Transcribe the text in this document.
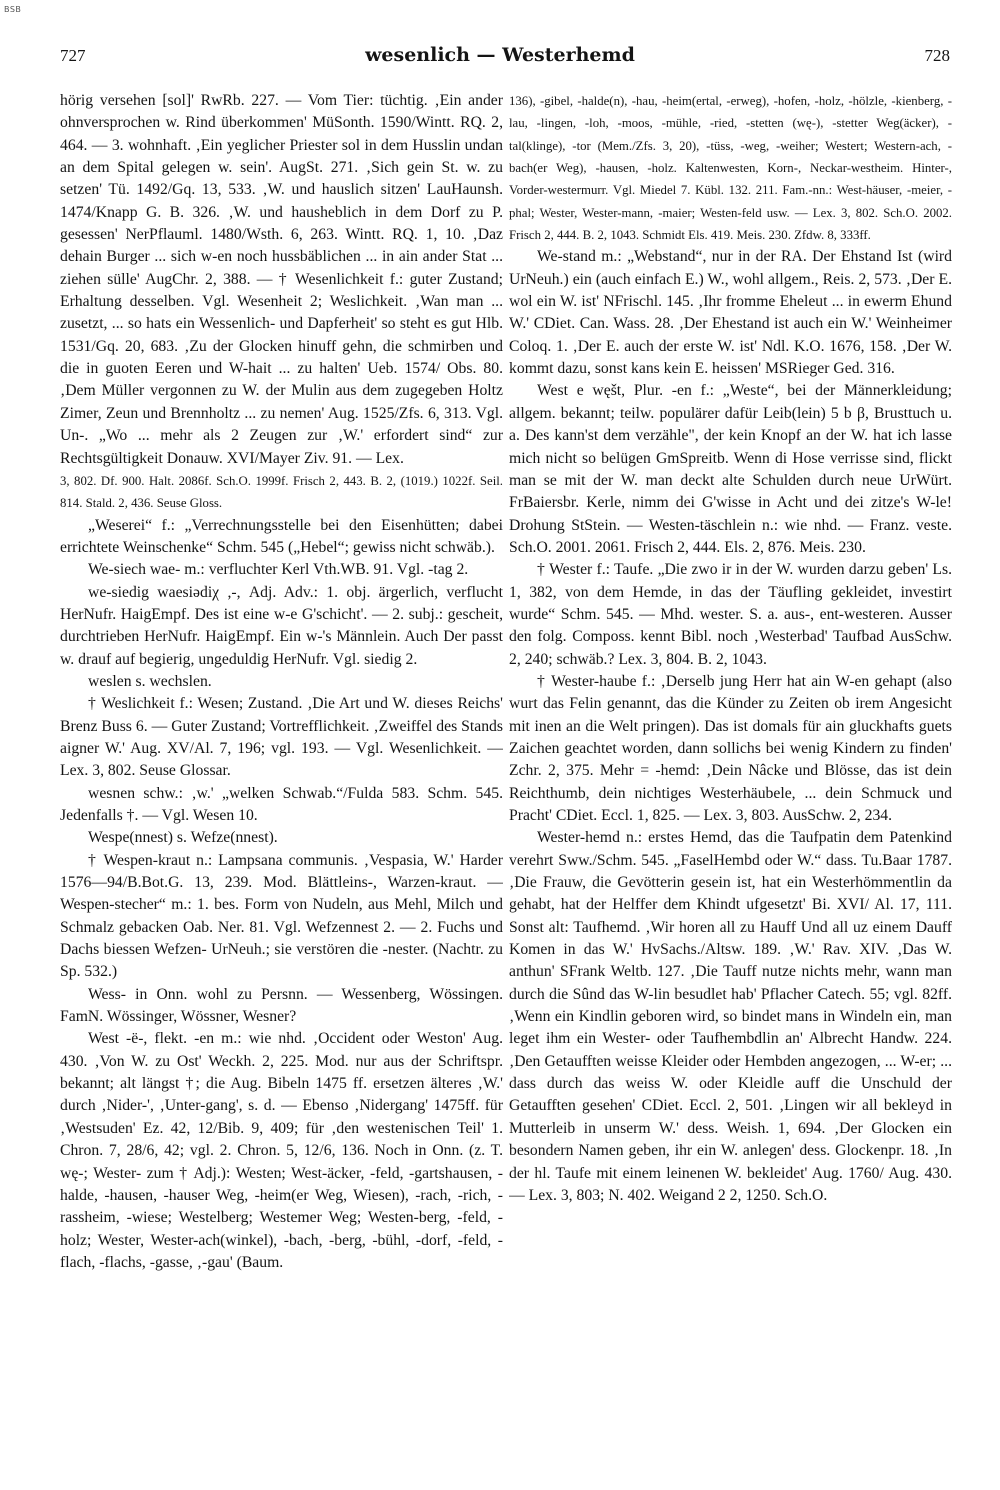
BSB
727	wesenlich — Westerhemd	728

hörig versehen [sol]' RwRb. 227. — Vom Tier: tüchtig. ‚Ein ander ohnversprochen w. Rind überkommen' MüSonth. 1590/Wintt. RQ. 2, 464. — 3. wohnhaft. ‚Ein yeglicher Priester sol in dem Husslin undan an dem Spital gelegen w. sein'. AugSt. 271. ‚Sich gein St. w. zu setzen' Tü. 1492/Gq. 13, 533. ‚W. und hauslich sitzen' LauHaunsh. 1474/Knapp G. B. 326. ‚W. und hausheblich in dem Dorf zu P. gesessen' NerPflauml. 1480/Wsth. 6, 263. Wintt. RQ. 1, 10. ‚Daz dehain Burger ... sich w-en noch hussbäblichen ... in ain ander Stat ... ziehen sülle' AugChr. 2, 388. — † Wesenlichkeit f.: guter Zustand; Erhaltung desselben. Vgl. Wesenheit 2; Weslichkeit. ‚Wan man ... zusetzt, ... so hats ein Wessenlich- und Dapferheit' so steht es gut Hlb. 1531/Gq. 20, 683. ‚Zu der Glocken hinuff gehn, die schmirben und die in guoten Eeren und W-hait ... zu halten' Ueb. 1574/ Obs. 80. ‚Dem Müller vergonnen zu W. der Mulin aus dem zugegeben Holtz Zimer, Zeun und Brennholtz ... zu nemen' Aug. 1525/Zfs. 6, 313. Vgl. Un-. „Wo ... mehr als 2 Zeugen zur ‚W.' erfordert sind“ zur Rechtsgültigkeit Donauw. XVI/Mayer Ziv. 91. — Lex.

3, 802. Df. 900. Halt. 2086f. Sch.O. 1999f. Frisch 2, 443. B. 2, (1019.) 1022f. Seil. 814. Stald. 2, 436. Seuse Gloss.

„Weserei“ f.: „Verrechnungsstelle bei den Eisenhütten; dabei errichtete Weinschenke“ Schm. 545 („Hebel“; gewiss nicht schwäb.).

We-siech wae- m.: verfluchter Kerl Vth.WB. 91. Vgl. -tag 2.

we-siedig waesiədiχ ,-, Adj. Adv.: 1. obj. ärgerlich, verflucht HerNufr. HaigEmpf. Des ist eine w-e G'schicht'. — 2. subj.: gescheit, durchtrieben HerNufr. HaigEmpf. Ein w-'s Männlein. Auch Der passt w. drauf auf begierig, ungeduldig HerNufr. Vgl. siedig 2.

weslen s. wechslen.

† Weslichkeit f.: Wesen; Zustand. ‚Die Art und W. dieses Reichs' Brenz Buss 6. — Guter Zustand; Vortrefflichkeit. ‚Zweiffel des Stands aigner W.' Aug. XV/Al. 7, 196; vgl. 193. — Vgl. Wesenlichkeit. — Lex. 3, 802. Seuse Glossar.

wesnen schw.: ‚w.' „welken Schwab.“/Fulda 583. Schm. 545. Jedenfalls †. — Vgl. Wesen 10.

Wespe(nnest) s. Wefze(nnest).

† Wespen-kraut n.: Lampsana communis. ‚Vespasia, W.' Harder 1576—94/B.Bot.G. 13, 239. Mod. Blättleins-, Warzen-kraut. — Wespen-stecher“ m.: 1. bes. Form von Nudeln, aus Mehl, Milch und Schmalz gebacken Oab. Ner. 81. Vgl. Wefzennest 2. — 2. Fuchs und Dachs biessen Wefzen- UrNeuh.; sie verstören die -nester. (Nachtr. zu Sp. 532.)

Wess- in Onn. wohl zu Persnn. — Wessenberg, Wössingen. FamN. Wössinger, Wössner, Wesner?

West -ë-, flekt. -en m.: wie nhd. ‚Occident oder Weston' Aug. 430. ‚Von W. zu Ost' Weckh. 2, 225. Mod. nur aus der Schriftspr. bekannt; alt längst †; die Aug. Bibeln 1475 ff. ersetzen älteres ‚W.' durch ‚Nider-', ‚Unter-gang', s. d. — Ebenso ‚Nidergang' 1475ff. für ‚Westsuden' Ez. 42, 12/Bib. 9, 409; für ‚den westenischen Teil' 1. Chron. 7, 28/6, 42; vgl. 2. Chron. 5, 12/6, 136. Noch in Onn. (z. T. wę-; Wester- zum † Adj.): Westen; West-äcker, -feld, -gartshausen, -halde, -hausen, -hauser Weg, -heim(er Weg, Wiesen), -rach, -rich, -rassheim, -wiese; Westelberg; Westemer Weg; Westen-berg, -feld, -holz; Wester, Wester-ach(winkel), -bach, -berg, -bühl, -dorf, -feld, -flach, -flachs, -gasse, ‚-gau' (Baum.

136), -gibel, -halde(n), -hau, -heim(ertal, -erweg), -hofen, -holz, -hölzle, -kienberg, -lau, -lingen, -loh, -moos, -mühle, -ried, -stetten (wę-), -stetter Weg(äcker), -tal(klinge), -tor (Mem./Zfs. 3, 20), -tüss, -weg, -weiher; Westert; Western-ach, -bach(er Weg), -hausen, -holz. Kaltenwesten, Korn-, Neckar-westheim. Hinter-, Vorder-westermurr. Vgl. Miedel 7. Kübl. 132. 211. Fam.-nn.: West-häuser, -meier, -phal; Wester, Wester-mann, -maier; Westen-feld usw. — Lex. 3, 802. Sch.O. 2002. Frisch 2, 444. B. 2, 1043. Schmidt Els. 419. Meis. 230. Zfdw. 8, 333ff.

We-stand m.: „Webstand“, nur in der RA. Der Ehstand Ist (wird UrNeuh.) ein (auch einfach E.) W., wohl allgem., Reis. 2, 573. ‚Der E. wol ein W. ist' NFrischl. 145. ‚Ihr fromme Eheleut ... in ewerm Ehund W.' CDiet. Can. Wass. 28. ‚Der Ehestand ist auch ein W.' Weinheimer Coloq. 1. ‚Der E. auch der erste W. ist' Ndl. K.O. 1676, 158. ‚Der W. kommt dazu, sonst kans kein E. heissen' MSRieger Ged. 316.

West e węšt, Plur. -en f.: „Weste“, bei der Männerkleidung; allgem. bekannt; teilw. populärer dafür Leib(lein) 5 b β, Brusttuch u. a. Des kann'st dem verzähle", der kein Knopf an der W. hat ich lasse mich nicht so belügen GmSpreitb. Wenn di Hose verrisse sind, flickt man se mit der W. man deckt alte Schulden durch neue UrWürt. FrBaiersbr. Kerle, nimm dei G'wisse in Acht und dei zitze's W-le! Drohung StStein. — Westen-täschlein n.: wie nhd. — Franz. veste. Sch.O. 2001. 2061. Frisch 2, 444. Els. 2, 876. Meis. 230.

† Wester f.: Taufe. „Die zwo ir in der W. wurden darzu geben' Ls. 1, 382, von dem Hemde, in das der Täufling gekleidet, investirt wurde“ Schm. 545. — Mhd. wester. S. a. aus-, ent-westeren. Ausser den folg. Composs. kennt Bibl. noch ‚Westerbad' Taufbad AusSchw. 2, 240; schwäb.? Lex. 3, 804. B. 2, 1043.

† Wester-haube f.: ‚Derselb jung Herr hat ain W-en gehapt (also wurt das Felin genannt, das die Künder zu Zeiten ob irem Angesicht mit inen an die Welt pringen). Das ist domals für ain gluckhafts guets Zaichen geachtet worden, dann sollichs bei wenig Kindern zu finden' Zchr. 2, 375. Mehr = -hemd: ‚Dein Nâcke und Blösse, das ist dein Reichthumb, dein nichtiges Westerhäubele, ... dein Schmuck und Pracht' CDiet. Eccl. 1, 825. — Lex. 3, 803. AusSchw. 2, 234.

Wester-hemd n.: erstes Hemd, das die Taufpatin dem Patenkind verehrt Sww./Schm. 545. „FaselHembd oder W.“ dass. Tu.Baar 1787. ‚Die Frauw, die Gevötterin gesein ist, hat ein Westerhömmentlin da gehabt, hat der Helffer dem Khindt ufgesetzt' Bi. XVI/ Al. 17, 111. Sonst alt: Taufhemd. ‚Wir horen all zu Hauff Und all uz einem Dauff Komen in das W.' HvSachs./Altsw. 189. ‚W.' Rav. XIV. ‚Das W. anthun' SFrank Weltb. 127. ‚Die Tauff nutze nichts mehr, wann man durch die Sûnd das W-lin besudlet hab' Pflacher Catech. 55; vgl. 82ff. ‚Wenn ein Kindlin geboren wird, so bindet mans in Windeln ein, man leget ihm ein Wester- oder Taufhembdlin an' Albrecht Handw. 224. ‚Den Getaufften weisse Kleider oder Hembden angezogen, ... W-er; ... dass durch das weiss W. oder Kleidle auff die Unschuld der Getaufften gesehen' CDiet. Eccl. 2, 501. ‚Lingen wir all bekleyd in Mutterleib in unserm W.' dess. Weish. 1, 694. ‚Der Glocken ein besondern Namen geben, ihr ein W. anlegen' dess. Glockenpr. 18. ‚In der hl. Taufe mit einem leinenen W. bekleidet' Aug. 1760/ Aug. 430. — Lex. 3, 803; N. 402. Weigand 2 2, 1250. Sch.O.
